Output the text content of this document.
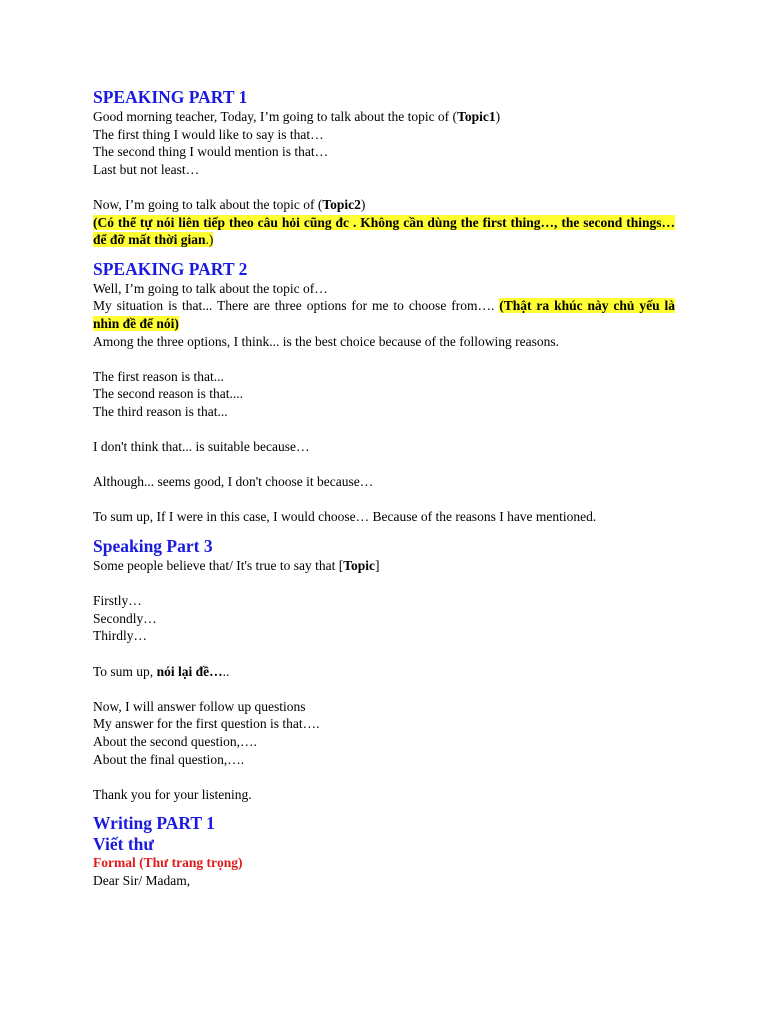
SPEAKING PART 1

Good morning teacher, Today, I’m going to talk about the topic of (Topic1)

The first thing I would like to say is that…

The second thing I would mention is that…

Last but not least…

Now, I’m going to talk about the topic of (Topic2)

(Có thể tự nói liên tiếp theo câu hỏi cũng đc . Không cần dùng the first thing…, the second things… để đỡ mất thời gian.)

SPEAKING PART 2

Well, I’m going to talk about the topic of…

My situation is that... There are three options for me to choose from…. (Thật ra khúc này chủ yếu là nhìn đề để nói)

Among the three options, I think... is the best choice because of the following reasons.

The first reason is that...

The second reason is that....

The third reason is that...

I don't think that... is suitable because…

Although... seems good, I don't choose it because…

To sum up, If I were in this case, I would choose… Because of the reasons I have mentioned.

Speaking Part 3

Some people believe that/ It's true to say that [Topic]

Firstly…

Secondly…

Thirdly…

To sum up, nói lại đề…..

Now, I will answer follow up questions

My answer for the first question is that….

About the second question,….

About the final question,….

Thank you for your listening.

Writing PART 1

Viết thư

Formal (Thư trang trọng)

Dear Sir/ Madam,
